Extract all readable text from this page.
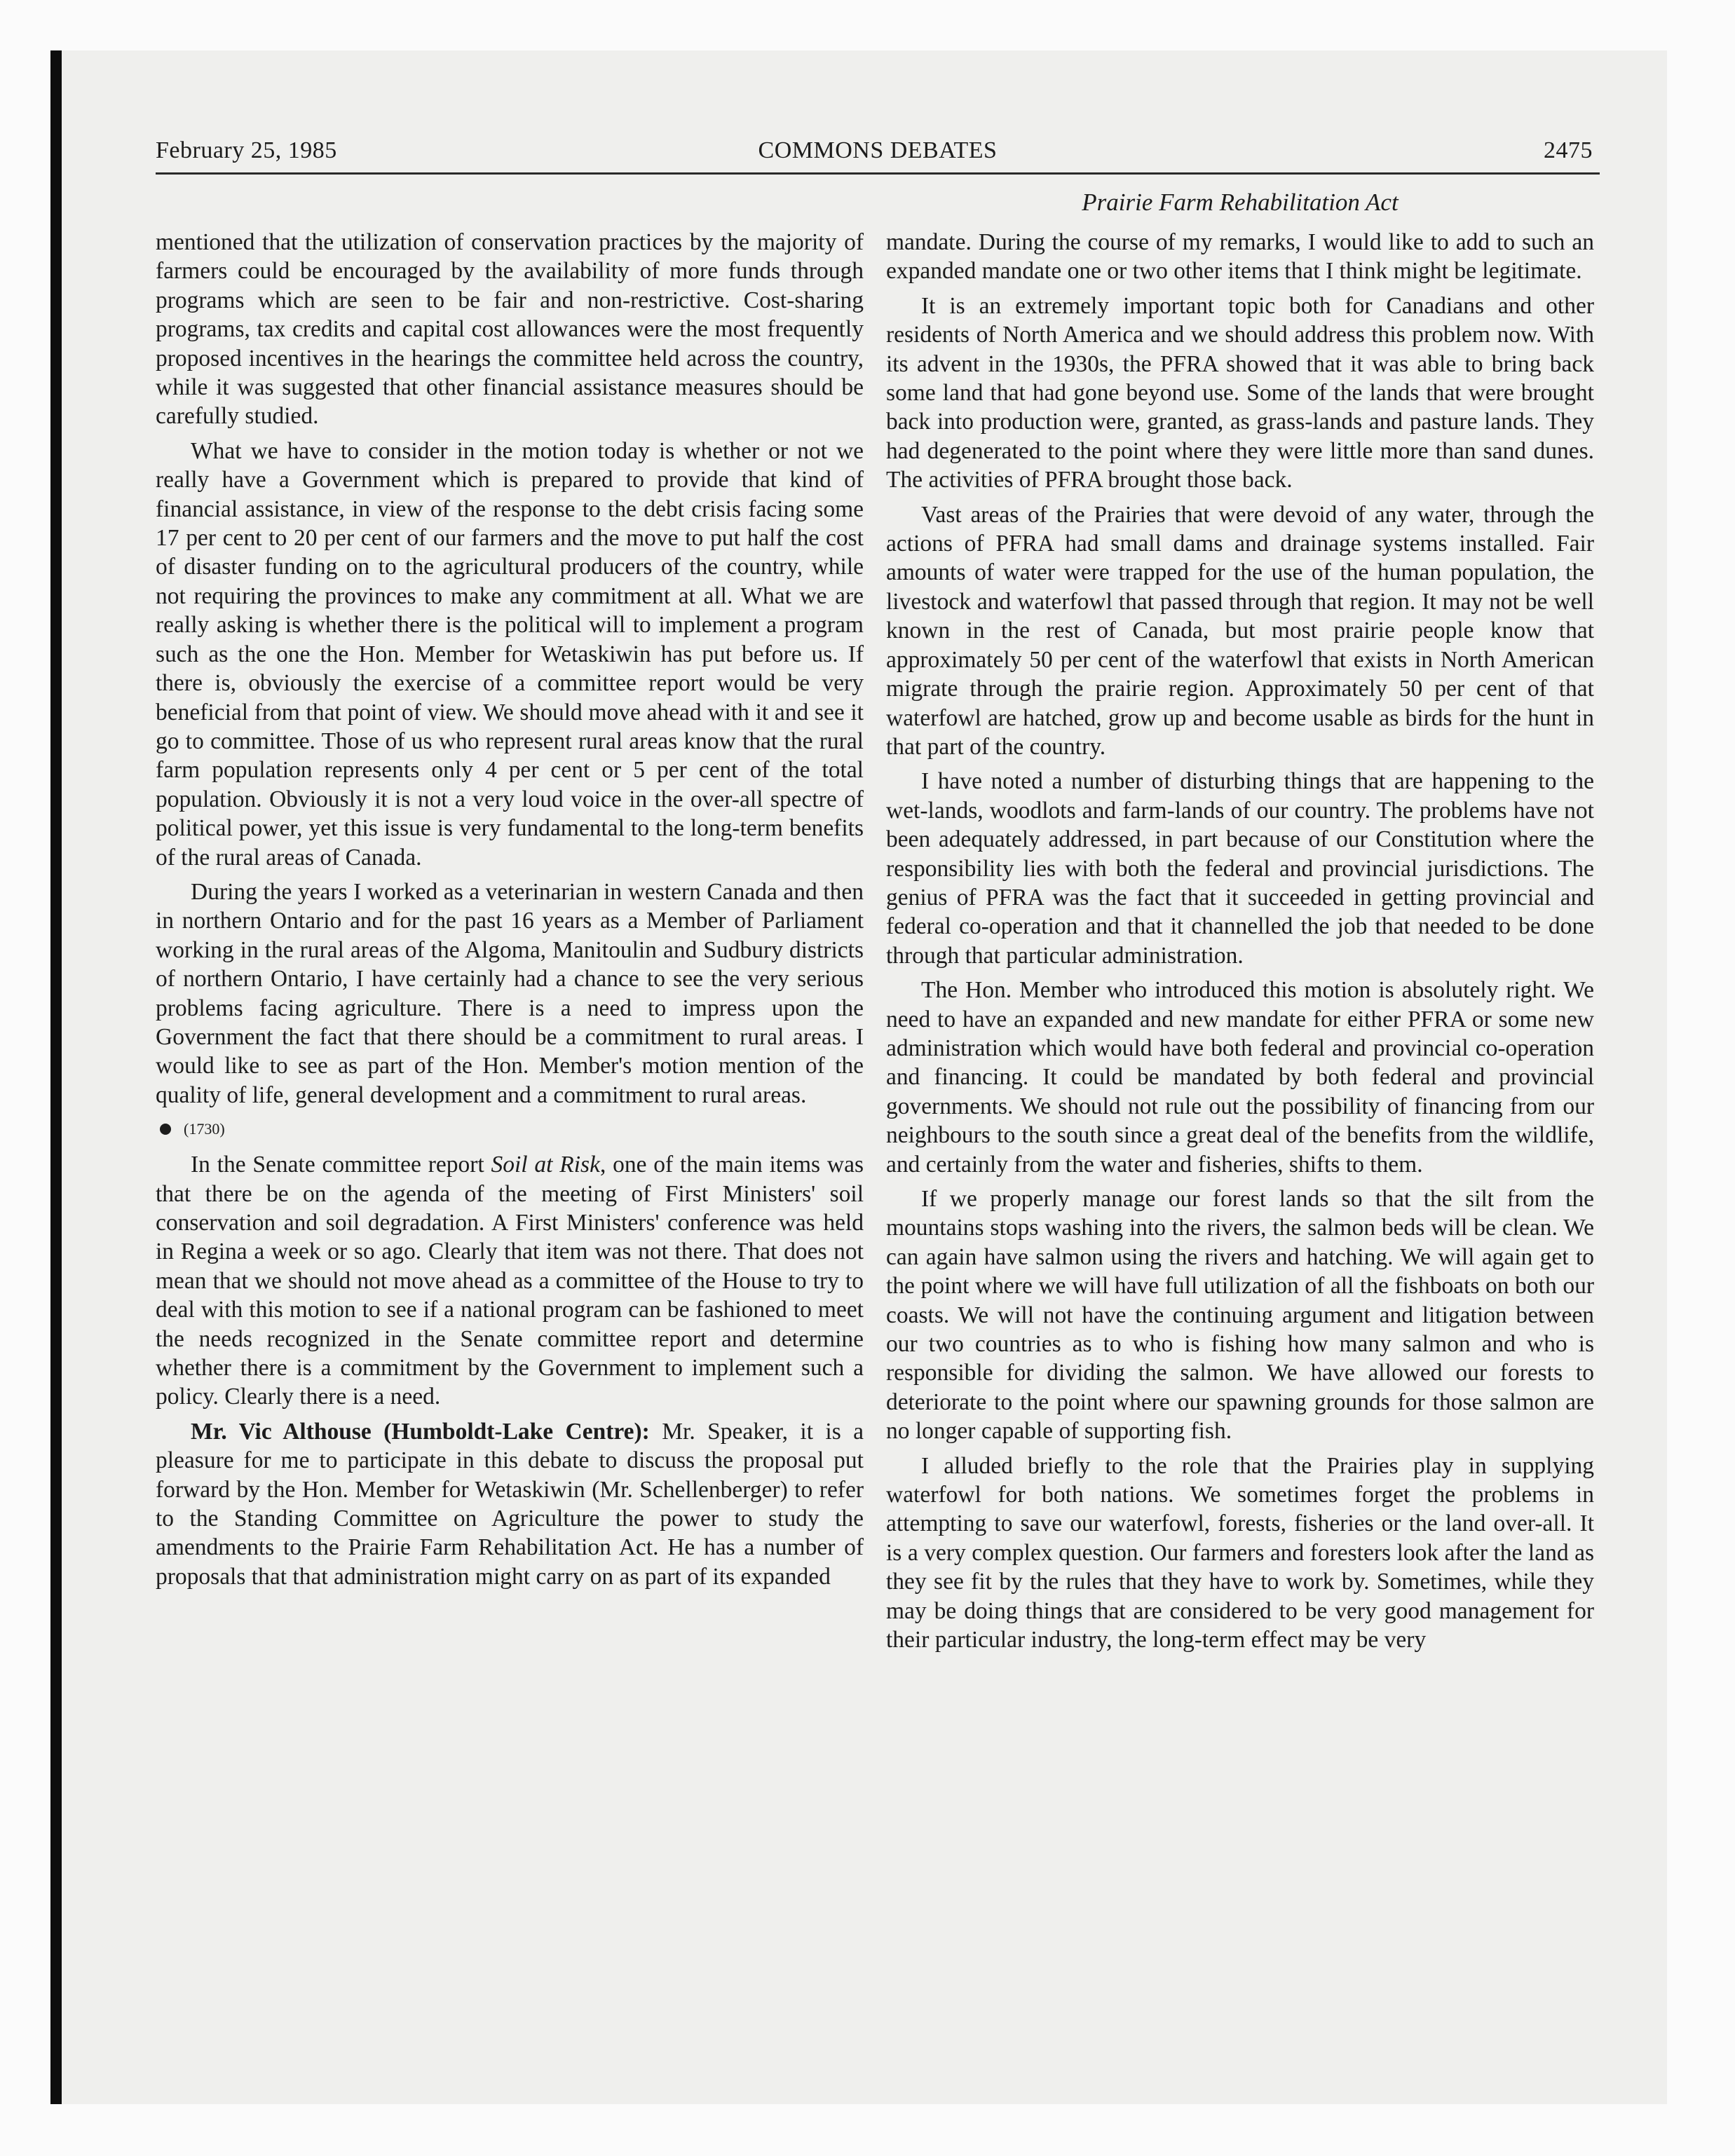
February 25, 1985	COMMONS DEBATES	2475
Prairie Farm Rehabilitation Act

mentioned that the utilization of conservation practices by the majority of farmers could be encouraged by the availability of more funds through programs which are seen to be fair and non-restrictive. Cost-sharing programs, tax credits and capital cost allowances were the most frequently proposed incentives in the hearings the committee held across the country, while it was suggested that other financial assistance measures should be carefully studied.

What we have to consider in the motion today is whether or not we really have a Government which is prepared to provide that kind of financial assistance, in view of the response to the debt crisis facing some 17 per cent to 20 per cent of our farmers and the move to put half the cost of disaster funding on to the agricultural producers of the country, while not requiring the provinces to make any commitment at all. What we are really asking is whether there is the political will to implement a program such as the one the Hon. Member for Wetaskiwin has put before us. If there is, obviously the exercise of a committee report would be very beneficial from that point of view. We should move ahead with it and see it go to committee. Those of us who represent rural areas know that the rural farm population represents only 4 per cent or 5 per cent of the total population. Obviously it is not a very loud voice in the over-all spectre of political power, yet this issue is very fundamental to the long-term benefits of the rural areas of Canada.

During the years I worked as a veterinarian in western Canada and then in northern Ontario and for the past 16 years as a Member of Parliament working in the rural areas of the Algoma, Manitoulin and Sudbury districts of northern Ontario, I have certainly had a chance to see the very serious problems facing agriculture. There is a need to impress upon the Government the fact that there should be a commitment to rural areas. I would like to see as part of the Hon. Member's motion mention of the quality of life, general development and a commitment to rural areas.

(1730)

In the Senate committee report Soil at Risk, one of the main items was that there be on the agenda of the meeting of First Ministers' soil conservation and soil degradation. A First Ministers' conference was held in Regina a week or so ago. Clearly that item was not there. That does not mean that we should not move ahead as a committee of the House to try to deal with this motion to see if a national program can be fashioned to meet the needs recognized in the Senate committee report and determine whether there is a commitment by the Government to implement such a policy. Clearly there is a need.

Mr. Vic Althouse (Humboldt-Lake Centre): Mr. Speaker, it is a pleasure for me to participate in this debate to discuss the proposal put forward by the Hon. Member for Wetaskiwin (Mr. Schellenberger) to refer to the Standing Committee on Agriculture the power to study the amendments to the Prairie Farm Rehabilitation Act. He has a number of proposals that that administration might carry on as part of its expanded

mandate. During the course of my remarks, I would like to add to such an expanded mandate one or two other items that I think might be legitimate.

It is an extremely important topic both for Canadians and other residents of North America and we should address this problem now. With its advent in the 1930s, the PFRA showed that it was able to bring back some land that had gone beyond use. Some of the lands that were brought back into production were, granted, as grass-lands and pasture lands. They had degenerated to the point where they were little more than sand dunes. The activities of PFRA brought those back.

Vast areas of the Prairies that were devoid of any water, through the actions of PFRA had small dams and drainage systems installed. Fair amounts of water were trapped for the use of the human population, the livestock and waterfowl that passed through that region. It may not be well known in the rest of Canada, but most prairie people know that approximately 50 per cent of the waterfowl that exists in North American migrate through the prairie region. Approximately 50 per cent of that waterfowl are hatched, grow up and become usable as birds for the hunt in that part of the country.

I have noted a number of disturbing things that are happening to the wet-lands, woodlots and farm-lands of our country. The problems have not been adequately addressed, in part because of our Constitution where the responsibility lies with both the federal and provincial jurisdictions. The genius of PFRA was the fact that it succeeded in getting provincial and federal co-operation and that it channelled the job that needed to be done through that particular administration.

The Hon. Member who introduced this motion is absolutely right. We need to have an expanded and new mandate for either PFRA or some new administration which would have both federal and provincial co-operation and financing. It could be mandated by both federal and provincial governments. We should not rule out the possibility of financing from our neighbours to the south since a great deal of the benefits from the wildlife, and certainly from the water and fisheries, shifts to them.

If we properly manage our forest lands so that the silt from the mountains stops washing into the rivers, the salmon beds will be clean. We can again have salmon using the rivers and hatching. We will again get to the point where we will have full utilization of all the fishboats on both our coasts. We will not have the continuing argument and litigation between our two countries as to who is fishing how many salmon and who is responsible for dividing the salmon. We have allowed our forests to deteriorate to the point where our spawning grounds for those salmon are no longer capable of supporting fish.

I alluded briefly to the role that the Prairies play in supplying waterfowl for both nations. We sometimes forget the problems in attempting to save our waterfowl, forests, fisheries or the land over-all. It is a very complex question. Our farmers and foresters look after the land as they see fit by the rules that they have to work by. Sometimes, while they may be doing things that are considered to be very good management for their particular industry, the long-term effect may be very
